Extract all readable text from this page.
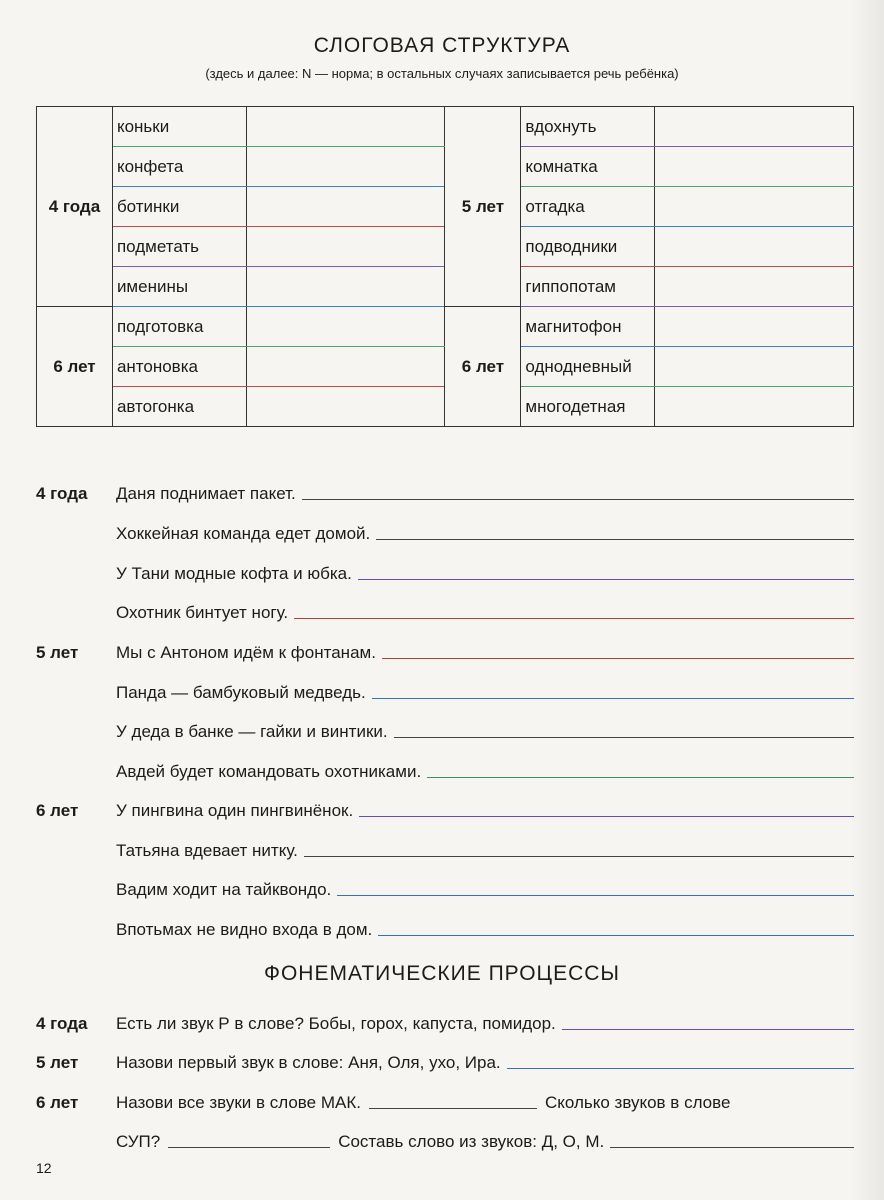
СЛОГОВАЯ СТРУКТУРА
(здесь и далее: N — норма; в остальных случаях записывается речь ребёнка)
4 года	коньки		5 лет	вдохнуть	
	конфета			комнатка	
	ботинки			отгадка	
	подметать			подводники	
	именины			гиппопотам	
6 лет	подготовка		6 лет	магнитофон	
	антоновка			однодневный	
	автогонка			многодетная	
4 года	Даня поднимает пакет.
Хоккейная команда едет домой.
У Тани модные кофта и юбка.
Охотник бинтует ногу.
5 лет	Мы с Антоном идём к фонтанам.
Панда — бамбуковый медведь.
У деда в банке — гайки и винтики.
Авдей будет командовать охотниками.
6 лет	У пингвина один пингвинёнок.
Татьяна вдевает нитку.
Вадим ходит на тайквондо.
Впотьмах не видно входа в дом.
ФОНЕМАТИЧЕСКИЕ ПРОЦЕССЫ
4 года	Есть ли звук Р в слове? Бобы, горох, капуста, помидор.
5 лет	Назови первый звук в слове: Аня, Оля, ухо, Ира.
6 лет	Назови все звуки в слове МАК.	Сколько звуков в слове
СУП?	Составь слово из звуков: Д, О, М.
12
